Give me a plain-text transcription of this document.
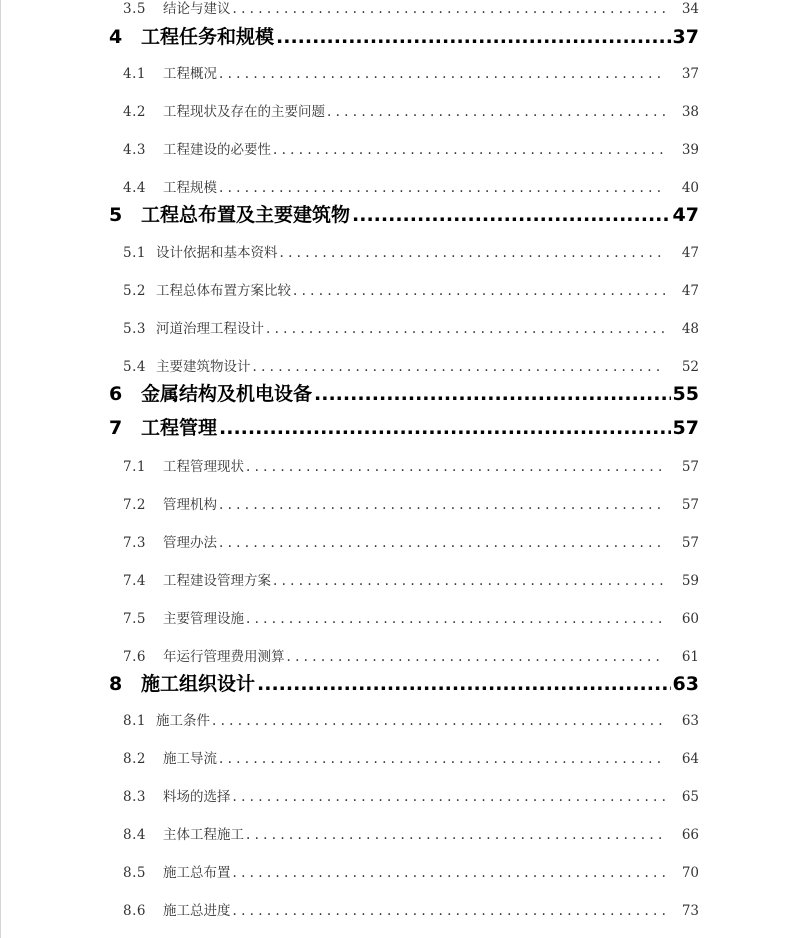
3.5	结论与建议 . . .	34
4 工程任务和规模 .....	37
4.1	工程概况 . . .	37
4.2	工程现状及存在的主要问题 . . .	38
4.3	工程建设的必要性 . . .	39
4.4	工程规模 . . .	40
5 工程总布置及主要建筑物 .....	47
5.1 设计依据和基本资料 . . .	47
5.2 工程总体布置方案比较 . . .	47
5.3 河道治理工程设计 . . .	48
5.4 主要建筑物设计 . . .	52
6 金属结构及机电设备 .....	55
7 工程管理 .....	57
7.1	工程管理现状 . . .	57
7.2	管理机构 . . .	57
7.3	管理办法 . . .	57
7.4	工程建设管理方案 . . .	59
7.5	主要管理设施 . . .	60
7.6	年运行管理费用测算 . . .	61
8 施工组织设计 .....	63
8.1 施工条件 . . .	63
8.2	施工导流 . . .	64
8.3	料场的选择 . . .	65
8.4	主体工程施工 . . .	66
8.5	施工总布置 . . .	70
8.6	施工总进度 . . .	73
